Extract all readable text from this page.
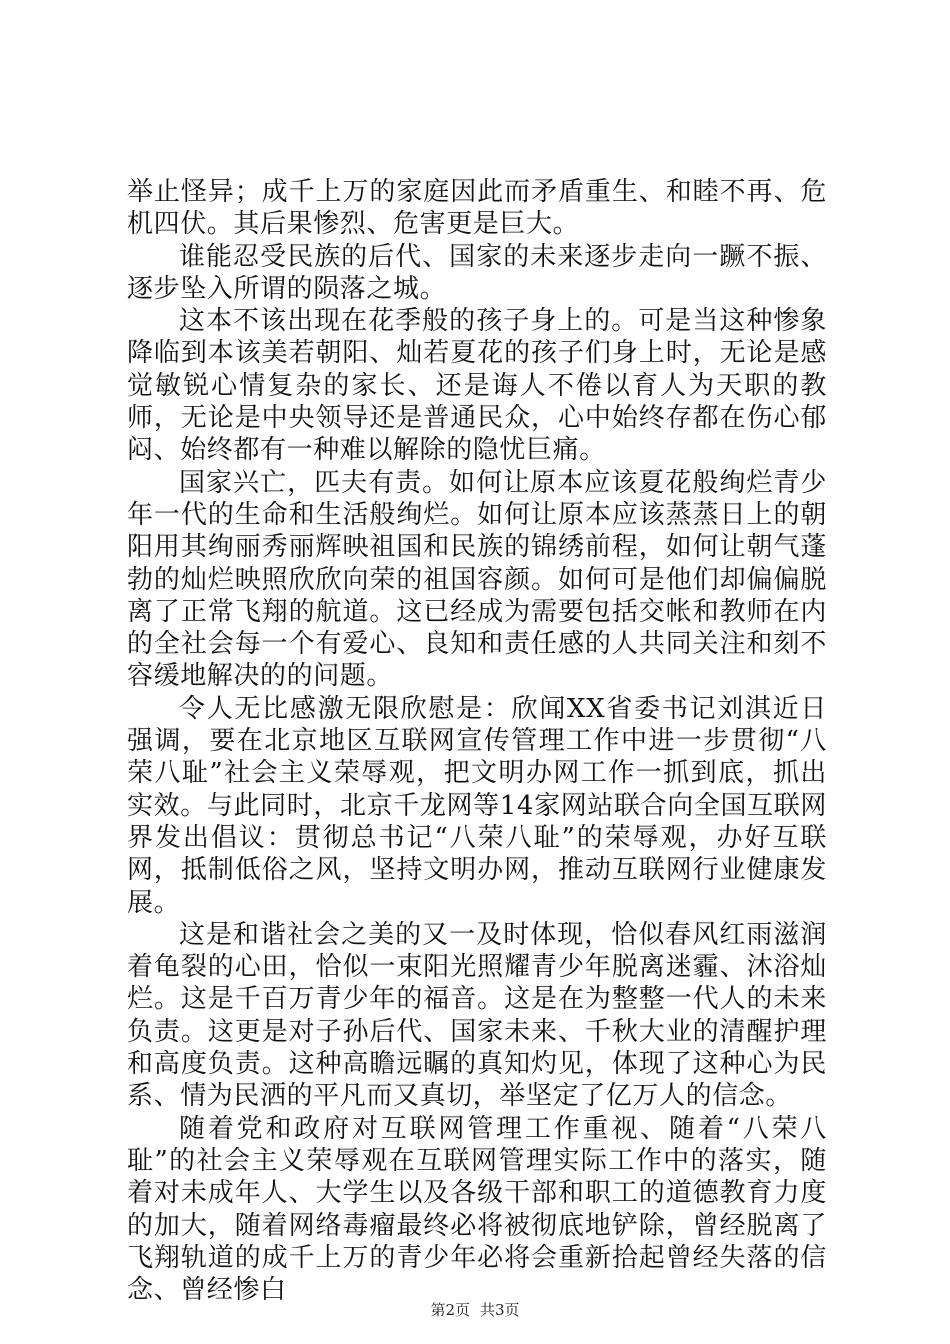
举止怪异；成千上万的家庭因此而矛盾重生、和睦不再、危机四伏。其后果惨烈、危害更是巨大。

谁能忍受民族的后代、国家的未来逐步走向一蹶不振、逐步坠入所谓的陨落之城。

这本不该出现在花季般的孩子身上的。可是当这种惨象降临到本该美若朝阳、灿若夏花的孩子们身上时，无论是感觉敏锐心情复杂的家长、还是诲人不倦以育人为天职的教师，无论是中央领导还是普通民众，心中始终存都在伤心郁闷、始终都有一种难以解除的隐忧巨痛。

国家兴亡，匹夫有责。如何让原本应该夏花般绚烂青少年一代的生命和生活般绚烂。如何让原本应该蒸蒸日上的朝阳用其绚丽秀丽辉映祖国和民族的锦绣前程，如何让朝气蓬勃的灿烂映照欣欣向荣的祖国容颜。如何可是他们却偏偏脱离了正常飞翔的航道。这已经成为需要包括交帐和教师在内的全社会每一个有爱心、良知和责任感的人共同关注和刻不容缓地解决的的问题。

令人无比感激无限欣慰是：欣闻XX省委书记刘淇近日强调，要在北京地区互联网宣传管理工作中进一步贯彻“八荣八耻”社会主义荣辱观，把文明办网工作一抓到底，抓出实效。与此同时，北京千龙网等14家网站联合向全国互联网界发出倡议：贯彻总书记“八荣八耻”的荣辱观，办好互联网，抵制低俗之风，坚持文明办网，推动互联网行业健康发展。

这是和谐社会之美的又一及时体现，恰似春风红雨滋润着龟裂的心田，恰似一束阳光照耀青少年脱离迷霾、沐浴灿烂。这是千百万青少年的福音。这是在为整整一代人的未来负责。这更是对子孙后代、国家未来、千秋大业的清醒护理和高度负责。这种高瞻远瞩的真知灼见，体现了这种心为民系、情为民洒的平凡而又真切，举坚定了亿万人的信念。

随着党和政府对互联网管理工作重视、随着“八荣八耻”的社会主义荣辱观在互联网管理实际工作中的落实，随着对未成年人、大学生以及各级干部和职工的道德教育力度的加大，随着网络毒瘤最终必将被彻底地铲除，曾经脱离了飞翔轨道的成千上万的青少年必将会重新拾起曾经失落的信念、曾经惨白

第2页 共3页
